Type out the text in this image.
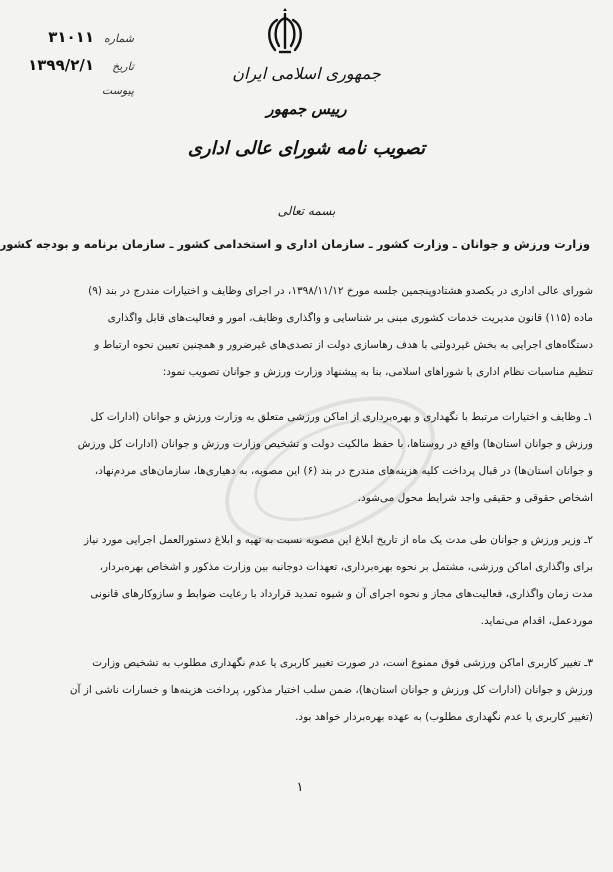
شماره
۳۱۰۱۱
تاریخ
۱۳۹۹/۲/۱
پیوست
جمهوری اسلامی ایران
رییس جمهور
تصویب نامه شورای عالی اداری
بسمه تعالی
وزارت ورزش و جوانان ـ وزارت کشور ـ سازمان اداری و استخدامی کشور ـ سازمان برنامه و بودجه کشور
شورای عالی اداری در یکصدو هشتادوپنجمین جلسه مورخ ۱۳۹۸/۱۱/۱۲، در اجرای وظایف و اختیارات مندرج در بند (۹)
ماده (۱۱۵) قانون مدیریت خدمات کشوری مبنی بر شناسایی و واگذاری وظایف، امور و فعالیت‌های قابل واگذاری
دستگاه‌های اجرایی به بخش غیردولتی با هدف رهاسازی دولت از تصدی‌های غیرضرور و همچنین تعیین نحوه ارتباط و
تنظیم مناسبات نظام اداری با شوراهای اسلامی، بنا به پیشنهاد وزارت ورزش و جوانان تصویب نمود:
۱ـ وظایف و اختیارات مرتبط با نگهداری و بهره‌برداری از اماکن ورزشی متعلق به وزارت ورزش و جوانان (ادارات کل
ورزش و جوانان استان‌ها) واقع در روستاها، با حفظ مالکیت دولت و تشخیص وزارت ورزش و جوانان (ادارات کل ورزش
و جوانان استان‌ها) در قبال پرداخت کلیه هزینه‌های مندرج در بند (۶) این مصوبه، به دهیاری‌ها، سازمان‌های مردم‌نهاد،
اشخاص حقوقی و حقیقی واجد شرایط محول می‌شود.
۲ـ وزیر ورزش و جوانان طی مدت یک ماه از تاریخ ابلاغ این مصوبه نسبت به تهیه و ابلاغ دستورالعمل اجرایی مورد نیاز
برای واگذاری اماکن ورزشی، مشتمل بر نحوه بهره‌برداری، تعهدات دوجانبه بین وزارت مذکور و اشخاص بهره‌بردار،
مدت زمان واگذاری، فعالیت‌های مجاز و نحوه اجرای آن و شیوه تمدید قرارداد با رعایت ضوابط و سازوکارهای قانونی
موردعمل، اقدام می‌نماید.
۳ـ تغییر کاربری اماکن ورزشی فوق ممنوع است، در صورت تغییر کاربری یا عدم نگهداری مطلوب به تشخیص وزارت
ورزش و جوانان (ادارات کل ورزش و جوانان استان‌ها)، ضمن سلب اختیار مذکور، پرداخت هزینه‌ها و خسارات ناشی از آن
(تغییر کاربری یا عدم نگهداری مطلوب) به عهده بهره‌بردار خواهد بود.
۱
